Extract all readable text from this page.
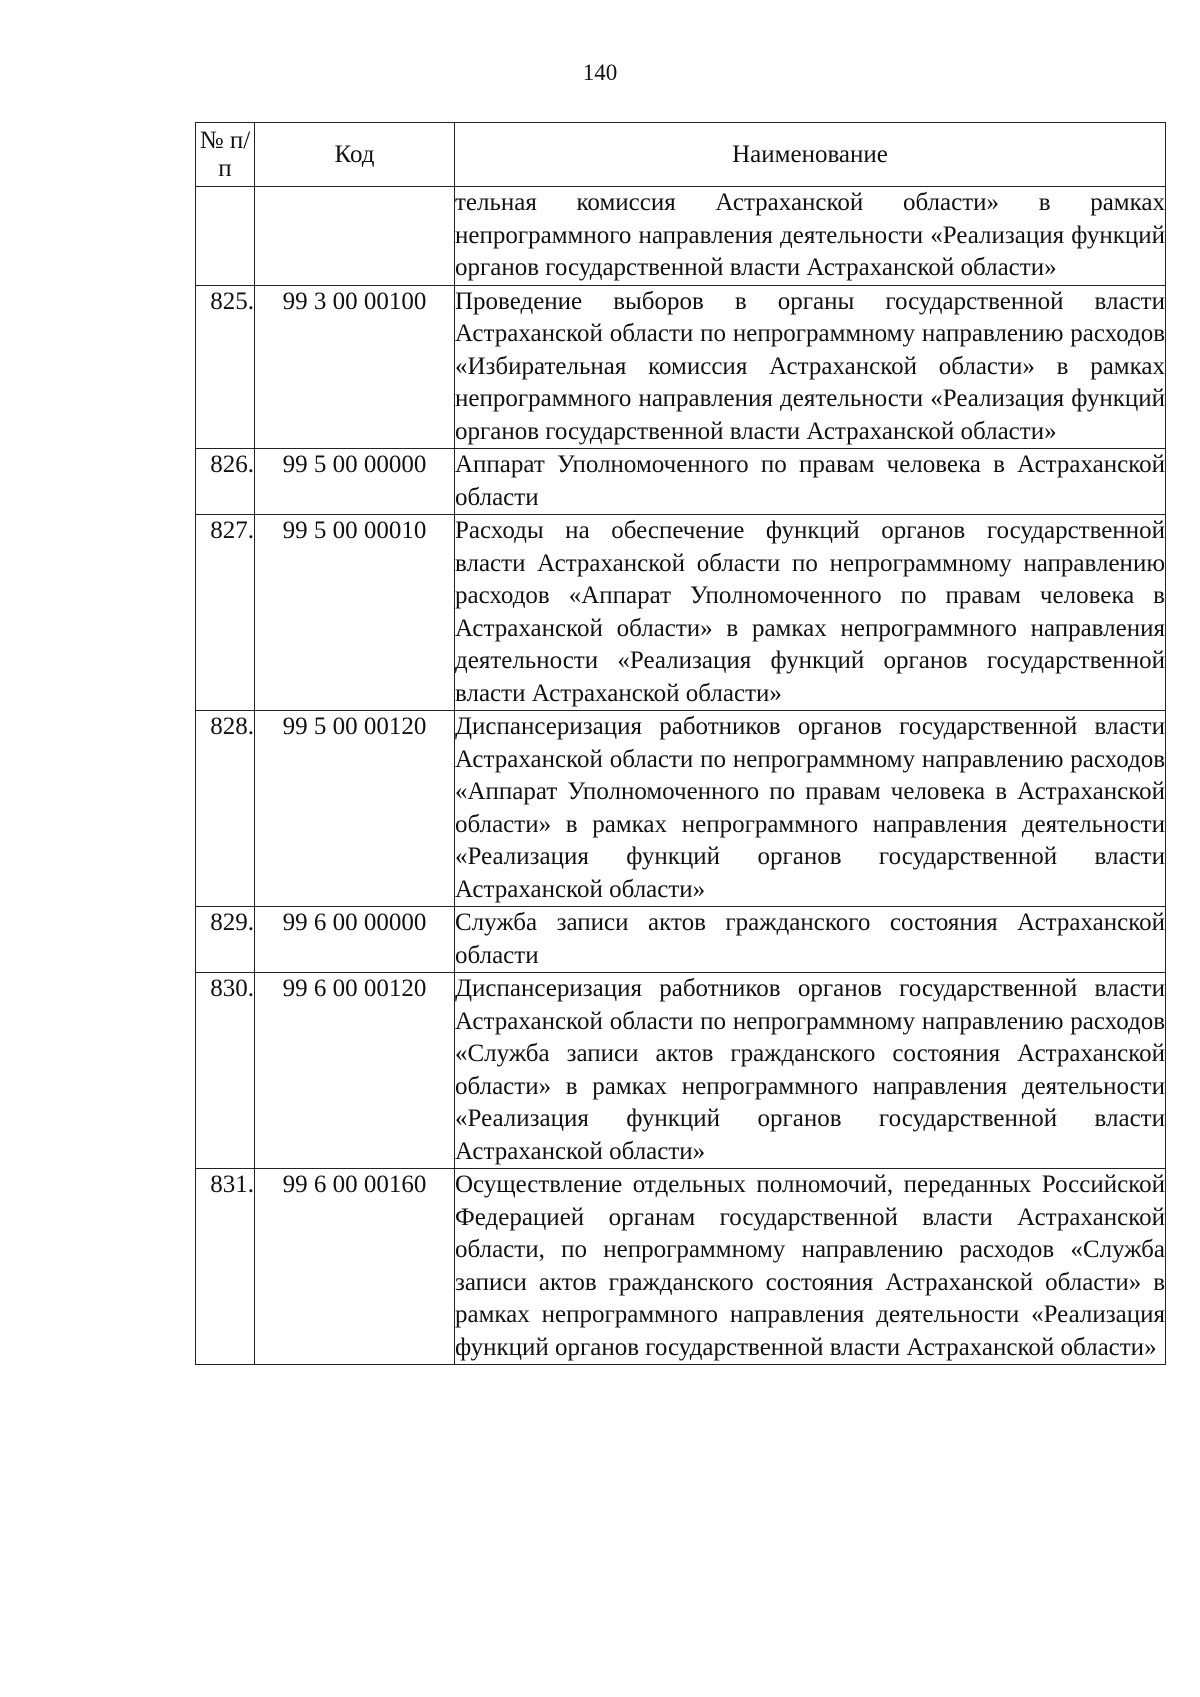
140
№ п/п	Код	Наименование
		тельная комиссия Астраханской области» в рамках непрограммного направления деятельности «Реализация функций органов государственной власти Астраханской области»
825.	99 3 00 00100	Проведение выборов в органы государственной власти Астраханской области по непрограммному направлению расходов «Избирательная комиссия Астраханской области» в рамках непрограммного направления деятельности «Реализация функций органов государственной власти Астраханской области»
826.	99 5 00 00000	Аппарат Уполномоченного по правам человека в Астраханской области
827.	99 5 00 00010	Расходы на обеспечение функций органов государственной власти Астраханской области по непрограммному направлению расходов «Аппарат Уполномоченного по правам человека в Астраханской области» в рамках непрограммного направления деятельности «Реализация функций органов государственной власти Астраханской области»
828.	99 5 00 00120	Диспансеризация работников органов государственной власти Астраханской области по непрограммному направлению расходов «Аппарат Уполномоченного по правам человека в Астраханской области» в рамках непрограммного направления деятельности «Реализация функций органов государственной власти Астраханской области»
829.	99 6 00 00000	Служба записи актов гражданского состояния Астраханской области
830.	99 6 00 00120	Диспансеризация работников органов государственной власти Астраханской области по непрограммному направлению расходов «Служба записи актов гражданского состояния Астраханской области» в рамках непрограммного направления деятельности «Реализация функций органов государственной власти Астраханской области»
831.	99 6 00 00160	Осуществление отдельных полномочий, переданных Российской Федерацией органам государственной власти Астраханской области, по непрограммному направлению расходов «Служба записи актов гражданского состояния Астраханской области» в рамках непрограммного направления деятельности «Реализация функций органов государственной власти Астраханской области»
